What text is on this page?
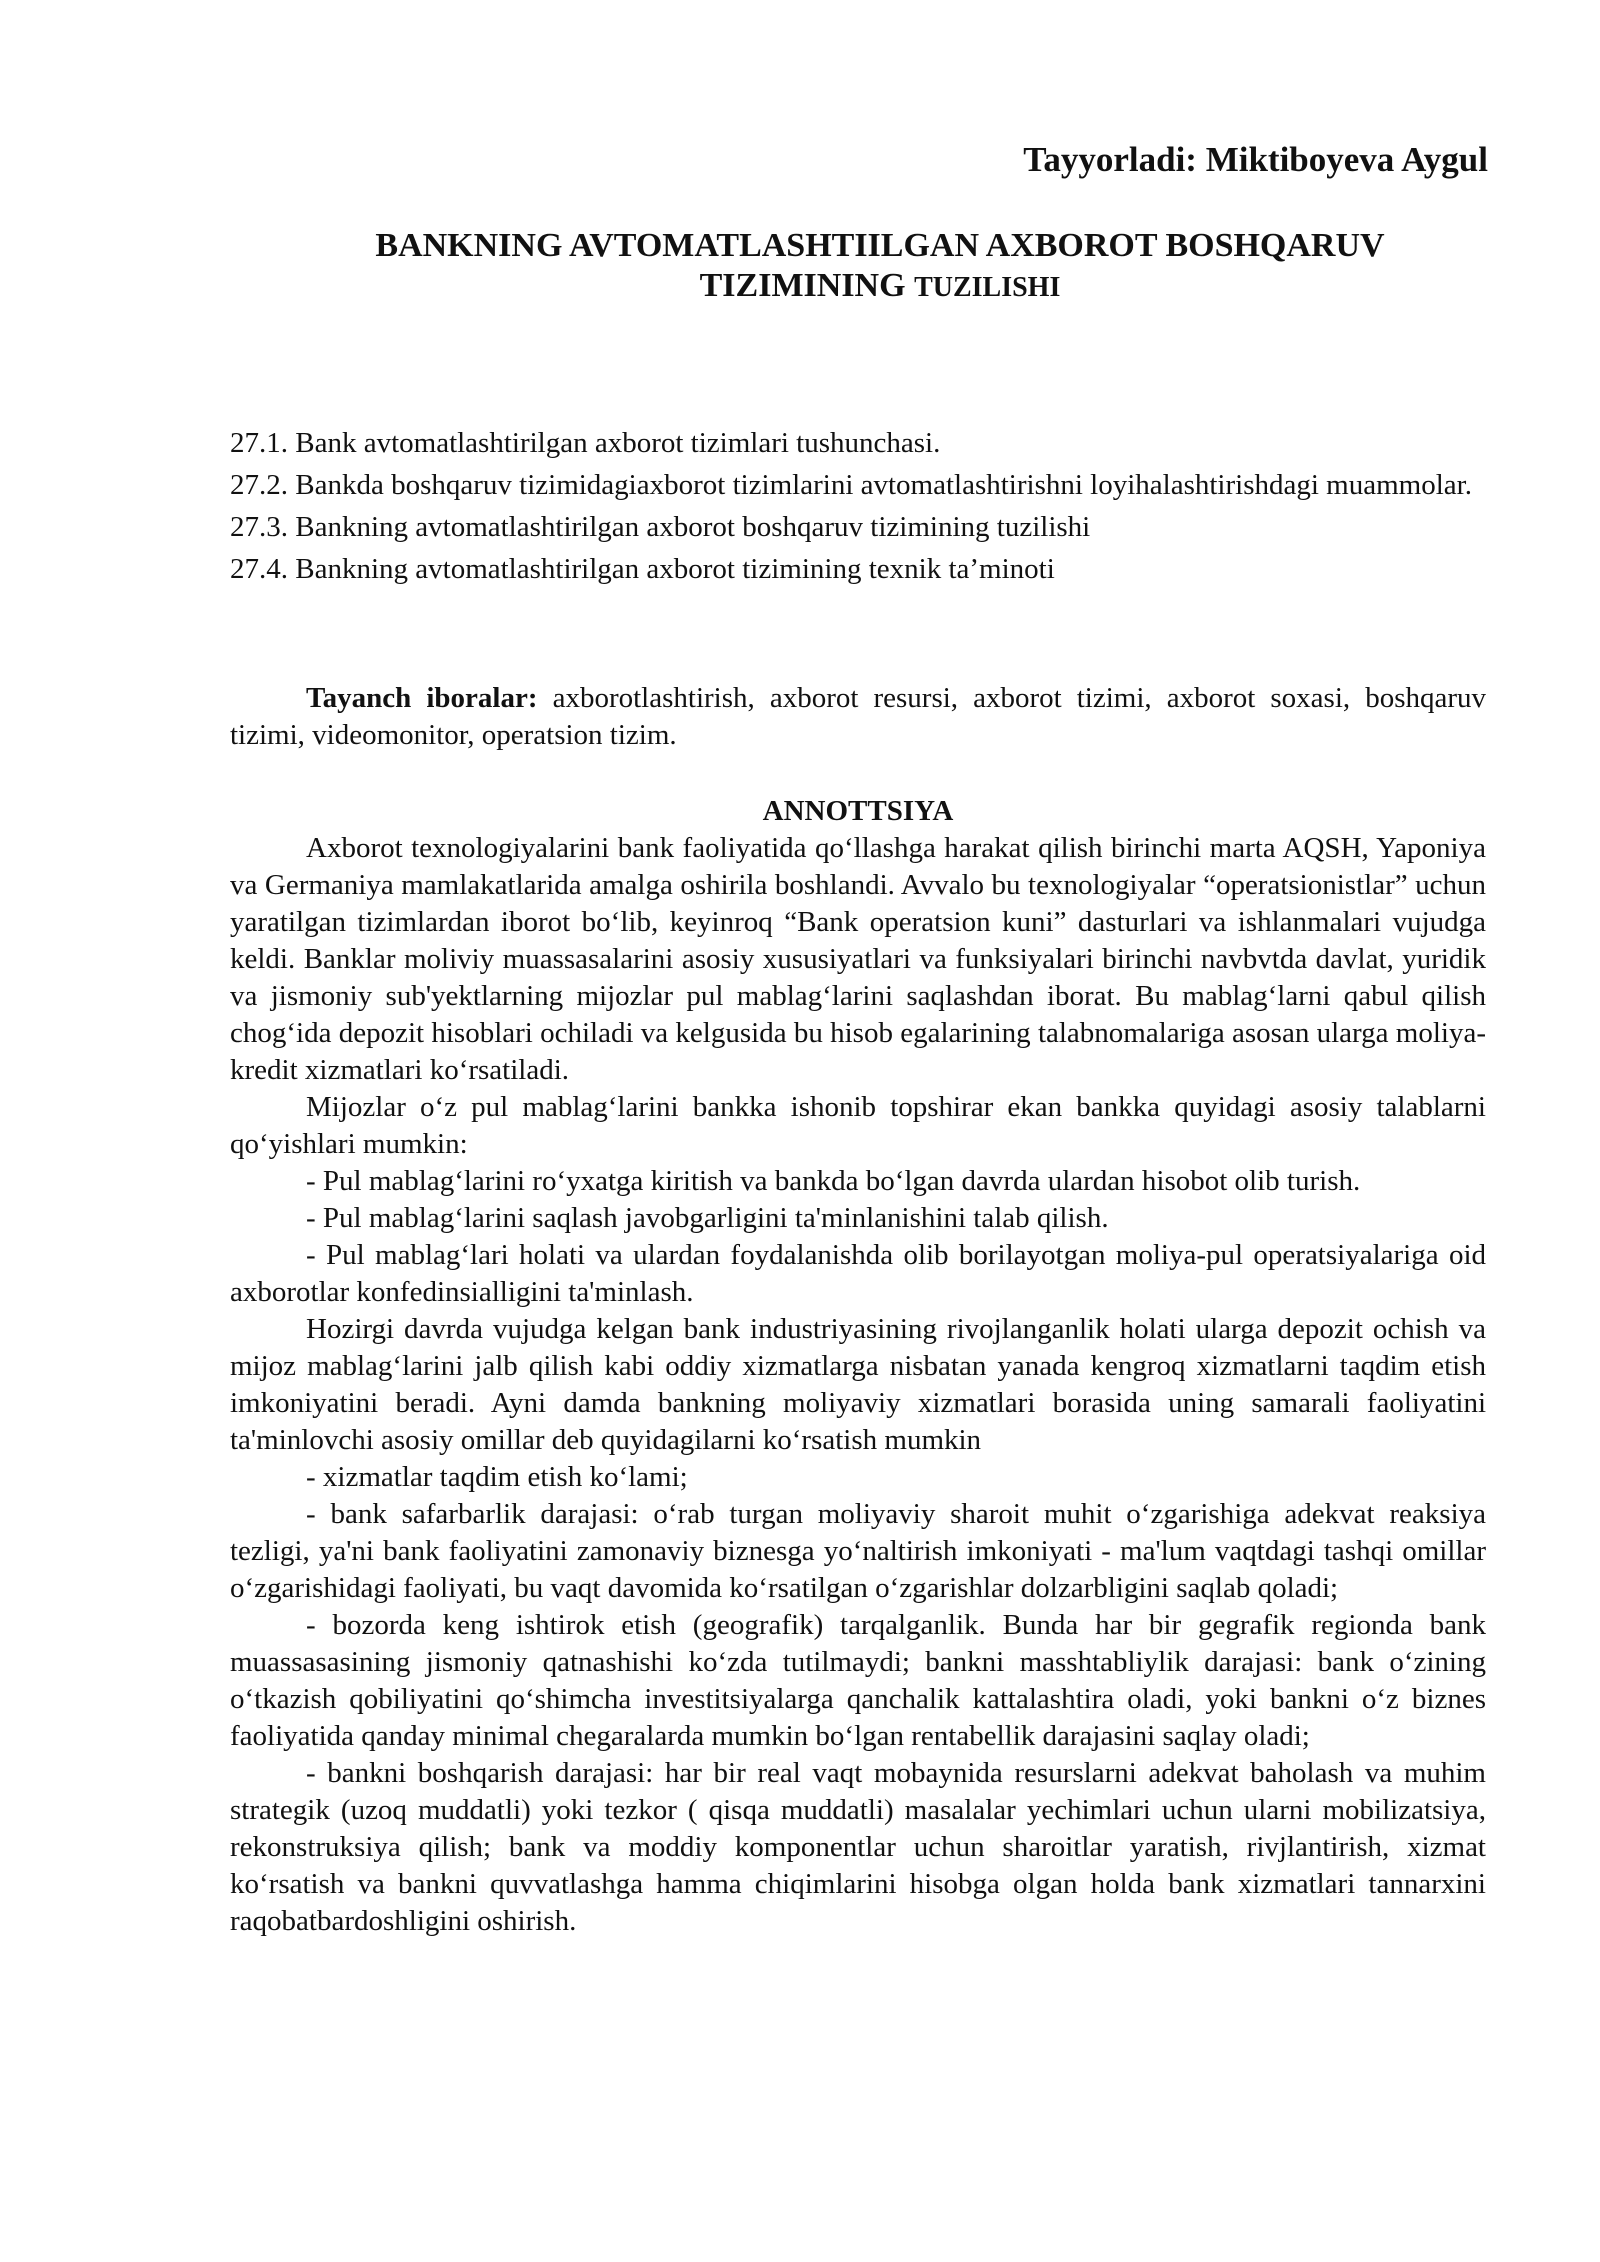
Tayyorladi: Miktiboyeva Aygul
BANKNING AVTOMATLASHTIILGAN AXBOROT BOSHQARUV
TIZIMINING TUZILISHI

27.1. Bank avtomatlashtirilgan axborot tizimlari tushunchasi.

27.2. Bankda boshqaruv tizimidagiaxborot tizimlarini avtomatlashtirishni loyihalashtirishdagi muammolar.

27.3. Bankning avtomatlashtirilgan axborot boshqaruv tizimining tuzilishi

27.4. Bankning avtomatlashtirilgan axborot tizimining texnik ta’minoti

Tayanch iboralar: axborotlashtirish, axborot resursi, axborot tizimi, axborot soxasi, boshqaruv tizimi, videomonitor, operatsion tizim.

ANNOTTSIYA

Axborot texnologiyalarini bank faoliyatida qo‘llashga harakat qilish birinchi marta AQSH, Yaponiya va Germaniya mamlakatlarida amalga oshirila boshlandi. Avvalo bu texnologiyalar “operatsionistlar” uchun yaratilgan tizimlardan iborot bo‘lib, keyinroq “Bank operatsion kuni” dasturlari va ishlanmalari vujudga keldi. Banklar moliviy muassasalarini asosiy xususiyatlari va funksiyalari birinchi navbvtda davlat, yuridik va jismoniy sub'yektlarning mijozlar pul mablag‘larini saqlashdan iborat. Bu mablag‘larni qabul qilish chog‘ida depozit hisoblari ochiladi va kelgusida bu hisob egalarining talabnomalariga asosan ularga moliya-kredit xizmatlari ko‘rsatiladi.

Mijozlar o‘z pul mablag‘larini bankka ishonib topshirar ekan bankka quyidagi asosiy talablarni qo‘yishlari mumkin:

- Pul mablag‘larini ro‘yxatga kiritish va bankda bo‘lgan davrda ulardan hisobot olib turish.

- Pul mablag‘larini saqlash javobgarligini ta'minlanishini talab qilish.

- Pul mablag‘lari holati va ulardan foydalanishda olib borilayotgan moliya-pul operatsiyalariga oid axborotlar konfedinsialligini ta'minlash.

Hozirgi davrda vujudga kelgan bank industriyasining rivojlanganlik holati ularga depozit ochish va mijoz mablag‘larini jalb qilish kabi oddiy xizmatlarga nisbatan yanada kengroq xizmatlarni taqdim etish imkoniyatini beradi. Ayni damda bankning moliyaviy xizmatlari borasida uning samarali faoliyatini ta'minlovchi asosiy omillar deb quyidagilarni ko‘rsatish mumkin

- xizmatlar taqdim etish ko‘lami;

- bank safarbarlik darajasi: o‘rab turgan moliyaviy sharoit muhit o‘zgarishiga adekvat reaksiya tezligi, ya'ni bank faoliyatini zamonaviy biznesga yo‘naltirish imkoniyati - ma'lum vaqtdagi tashqi omillar o‘zgarishidagi faoliyati, bu vaqt davomida ko‘rsatilgan o‘zgarishlar dolzarbligini saqlab qoladi;

- bozorda keng ishtirok etish (geografik) tarqalganlik. Bunda har bir gegrafik regionda bank muassasasining jismoniy qatnashishi ko‘zda tutilmaydi; bankni masshtabliylik darajasi: bank o‘zining o‘tkazish qobiliyatini qo‘shimcha investitsiyalarga qanchalik kattalashtira oladi, yoki bankni o‘z biznes faoliyatida qanday minimal chegaralarda mumkin bo‘lgan rentabellik darajasini saqlay oladi;

- bankni boshqarish darajasi: har bir real vaqt mobaynida resurslarni adekvat baholash va muhim strategik (uzoq muddatli) yoki tezkor ( qisqa muddatli) masalalar yechimlari uchun ularni mobilizatsiya, rekonstruksiya qilish; bank va moddiy komponentlar uchun sharoitlar yaratish, rivjlantirish, xizmat ko‘rsatish va bankni quvvatlashga hamma chiqimlarini hisobga olgan holda bank xizmatlari tannarxini raqobatbardoshligini oshirish.
